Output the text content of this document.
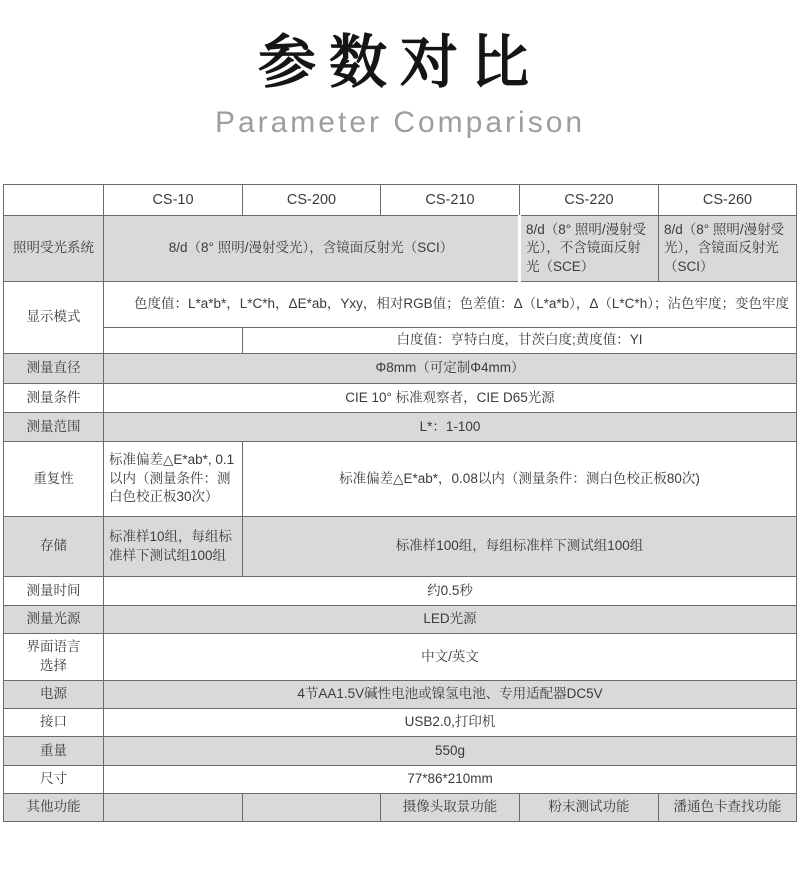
参数对比
Parameter Comparison
	CS-10	CS-200	CS-210	CS-220	CS-260
照明受光系统	8/d（8° 照明/漫射受光），含镜面反射光（SCI）			8/d（8° 照明/漫射受光），不含镜面反射光（SCE）	8/d（8° 照明/漫射受光），含镜面反射光（SCI）
显示模式	色度值：L*a*b*，L*C*h，ΔE*ab，Yxy，相对RGB值；色差值：Δ（L*a*b），Δ（L*C*h）；沾色牢度；变色牢度				
		白度值：亨特白度，甘茨白度;黄度值：YI			
测量直径	Φ8mm（可定制Φ4mm）				
测量条件	CIE 10° 标准观察者，CIE D65光源				
测量范围	L*：1-100				
重复性	标准偏差△E*ab*, 0.1以内（测量条件：测白色校正板30次）	标准偏差△E*ab*，0.08以内（测量条件：测白色校正板80次)			
存储	标准样10组，每组标准样下测试组100组	标准样100组，每组标准样下测试组100组			
测量时间	约0.5秒				
测量光源	LED光源				
界面语言选择	中文/英文				
电源	4节AA1.5V碱性电池或镍氢电池、专用适配器DC5V				
接口	USB2.0,打印机				
重量	550g				
尺寸	77*86*210mm				
其他功能			摄像头取景功能	粉末测试功能	潘通色卡查找功能
